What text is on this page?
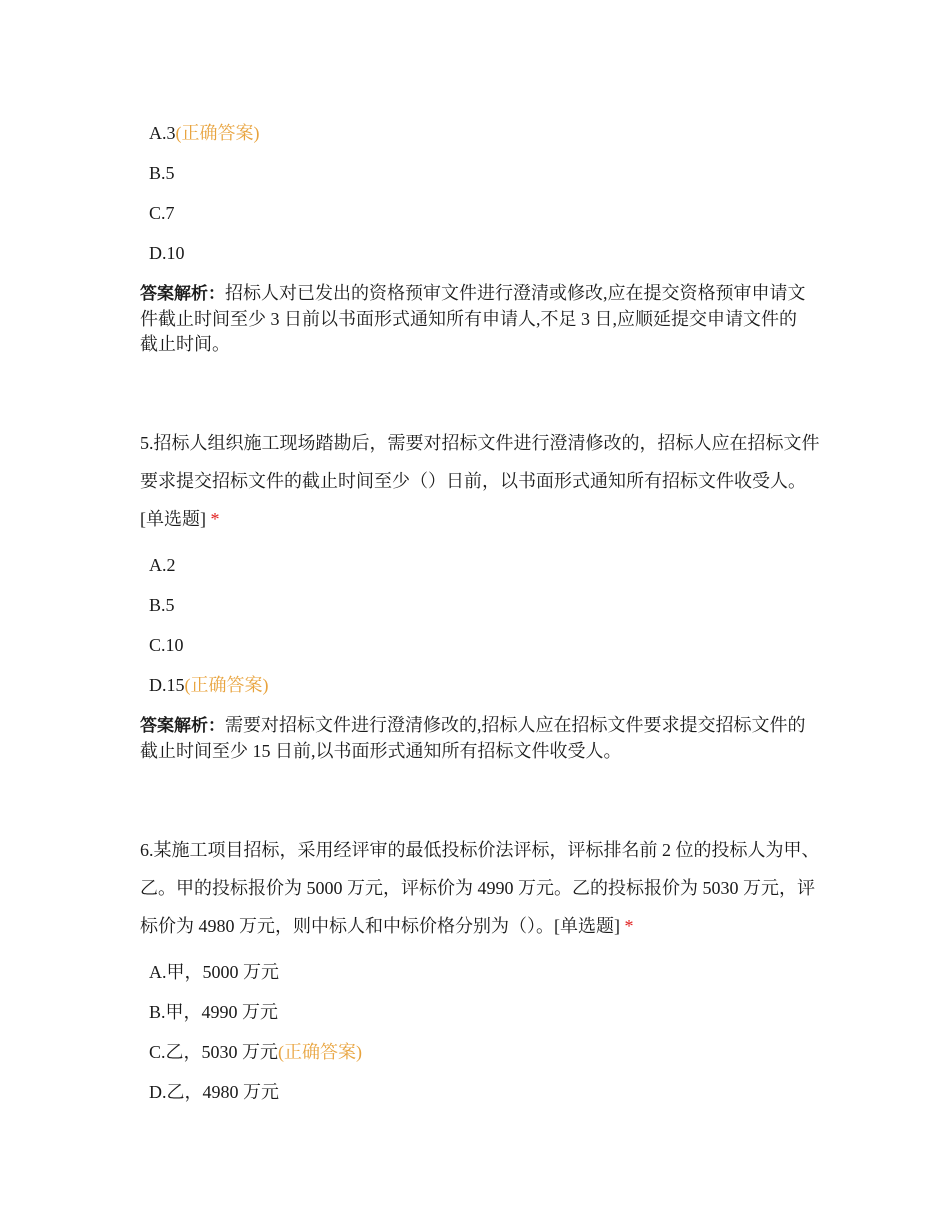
A.3(正确答案)
B.5
C.7
D.10
答案解析：招标人对已发出的资格预审文件进行澄清或修改,应在提交资格预审申请文件截止时间至少 3 日前以书面形式通知所有申请人,不足 3 日,应顺延提交申请文件的截止时间。
5.招标人组织施工现场踏勘后，需要对招标文件进行澄清修改的，招标人应在招标文件要求提交招标文件的截止时间至少（）日前，以书面形式通知所有招标文件收受人。[单选题] *
A.2
B.5
C.10
D.15(正确答案)
答案解析：需要对招标文件进行澄清修改的,招标人应在招标文件要求提交招标文件的截止时间至少 15 日前,以书面形式通知所有招标文件收受人。
6.某施工项目招标，采用经评审的最低投标价法评标，评标排名前 2 位的投标人为甲、乙。甲的投标报价为 5000 万元，评标价为 4990 万元。乙的投标报价为 5030 万元，评标价为 4980 万元，则中标人和中标价格分别为（）。[单选题] *
A.甲，5000 万元
B.甲，4990 万元
C.乙，5030 万元(正确答案)
D.乙，4980 万元
